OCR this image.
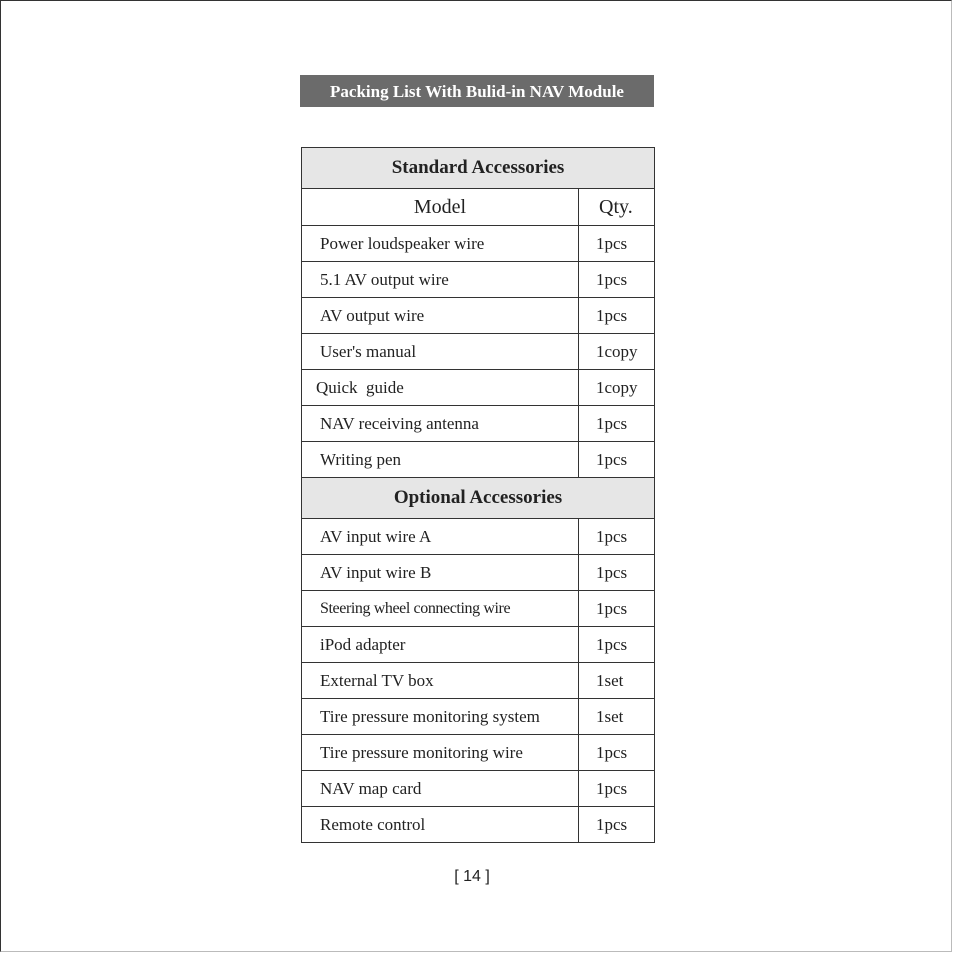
Packing List With Bulid-in NAV Module
Standard Accessories	
Model	Qty.
Power loudspeaker wire	1pcs
5.1 AV output wire	1pcs
AV output wire	1pcs
User's manual	1copy
Quick  guide	1copy
NAV receiving antenna	1pcs
Writing pen	1pcs
Optional Accessories	
AV input wire A	1pcs
AV input wire B	1pcs
Steering wheel connecting wire	1pcs
iPod adapter	1pcs
External TV box	1set
Tire pressure monitoring system	1set
Tire pressure monitoring wire	1pcs
NAV map card	1pcs
Remote control	1pcs
[ 14 ]
